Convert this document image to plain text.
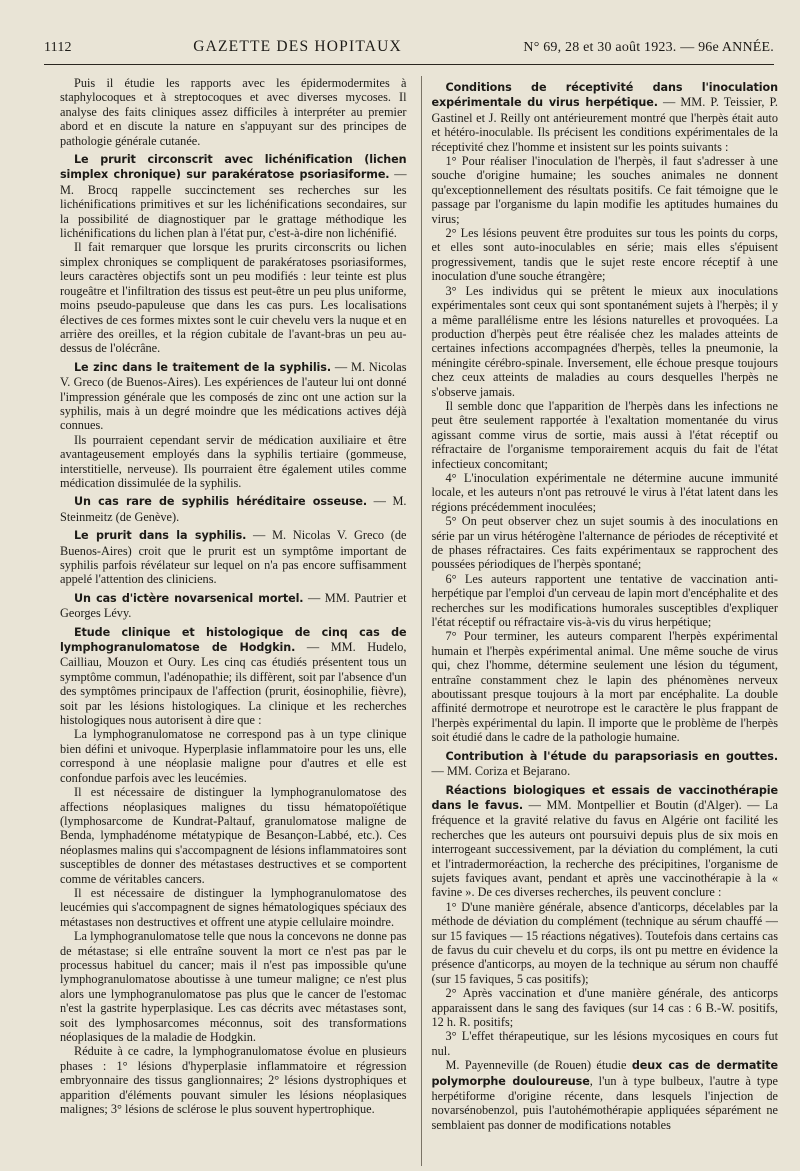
1112	GAZETTE DES HOPITAUX	N° 69, 28 et 30 août 1923. — 96e ANNÉE.

Puis il étudie les rapports avec les épidermodermites à staphylocoques et à streptocoques et avec diverses mycoses. Il analyse des faits cliniques assez difficiles à interpréter au premier abord et en discute la nature en s'appuyant sur des principes de pathologie générale cutanée.

Le prurit circonscrit avec lichénification (lichen simplex chronique) sur parakératose psoriasiforme. — M. Brocq rappelle succinctement ses recherches sur les lichénifications primitives et sur les lichénifications secondaires, sur la possibilité de diagnostiquer par le grattage méthodique les lichénifications du lichen plan à l'état pur, c'est-à-dire non lichénifié.

Il fait remarquer que lorsque les prurits circonscrits ou lichen simplex chroniques se compliquent de parakératoses psoriasiformes, leurs caractères objectifs sont un peu modifiés : leur teinte est plus rougeâtre et l'infiltration des tissus est peut-être un peu plus uniforme, moins pseudo-papuleuse que dans les cas purs. Les localisations électives de ces formes mixtes sont le cuir chevelu vers la nuque et en arrière des oreilles, et la région cubitale de l'avant-bras un peu au-dessus de l'olécrâne.

Le zinc dans le traitement de la syphilis. — M. Nicolas V. Greco (de Buenos-Aires). Les expériences de l'auteur lui ont donné l'impression générale que les composés de zinc ont une action sur la syphilis, mais à un degré moindre que les médications actives déjà connues.

Ils pourraient cependant servir de médication auxiliaire et être avantageusement employés dans la syphilis tertiaire (gommeuse, interstitielle, nerveuse). Ils pourraient être également utiles comme médication dissimulée de la syphilis.

Un cas rare de syphilis héréditaire osseuse. — M. Steinmeitz (de Genève).

Le prurit dans la syphilis. — M. Nicolas V. Greco (de Buenos-Aires) croit que le prurit est un symptôme important de syphilis parfois révélateur sur lequel on n'a pas encore suffisamment appelé l'attention des cliniciens.

Un cas d'ictère novarsenical mortel. — MM. Pautrier et Georges Lévy.

Etude clinique et histologique de cinq cas de lymphogranulomatose de Hodgkin. — MM. Hudelo, Cailliau, Mouzon et Oury. Les cinq cas étudiés présentent tous un symptôme commun, l'adénopathie; ils diffèrent, soit par l'absence d'un des symptômes principaux de l'affection (prurit, éosinophilie, fièvre), soit par les lésions histologiques. La clinique et les recherches histologiques nous autorisent à dire que :

La lymphogranulomatose ne correspond pas à un type clinique bien défini et univoque. Hyperplasie inflammatoire pour les uns, elle correspond à une néoplasie maligne pour d'autres et elle est confondue parfois avec les leucémies.

Il est nécessaire de distinguer la lymphogranulomatose des affections néoplasiques malignes du tissu hématopoïétique (lymphosarcome de Kundrat-Paltauf, granulomatose maligne de Benda, lymphadénome métatypique de Besançon-Labbé, etc.). Ces néoplasmes malins qui s'accompagnent de lésions inflammatoires sont susceptibles de donner des métastases destructives et se comportent comme de véritables cancers.

Il est nécessaire de distinguer la lymphogranulomatose des leucémies qui s'accompagnent de signes hématologiques spéciaux des métastases non destructives et offrent une atypie cellulaire moindre.

La lymphogranulomatose telle que nous la concevons ne donne pas de métastase; si elle entraîne souvent la mort ce n'est pas par le processus habituel du cancer; mais il n'est pas impossible qu'une lymphogranulomatose aboutisse à une tumeur maligne; ce n'est plus alors une lymphogranulomatose pas plus que le cancer de l'estomac n'est la gastrite hyperplasique. Les cas décrits avec métastases sont, soit des lymphosarcomes méconnus, soit des transformations néoplasiques de la maladie de Hodgkin.

Réduite à ce cadre, la lymphogranulomatose évolue en plusieurs phases : 1° lésions d'hyperplasie inflammatoire et régression embryonnaire des tissus ganglionnaires; 2° lésions dystrophiques et apparition d'éléments pouvant simuler les lésions néoplasiques malignes; 3° lésions de sclérose le plus souvent hypertrophique.

Conditions de réceptivité dans l'inoculation expérimentale du virus herpétique. — MM. P. Teissier, P. Gastinel et J. Reilly ont antérieurement montré que l'herpès était auto et hétéro-inoculable. Ils précisent les conditions expérimentales de la réceptivité chez l'homme et insistent sur les points suivants :

1° Pour réaliser l'inoculation de l'herpès, il faut s'adresser à une souche d'origine humaine; les souches animales ne donnent qu'exceptionnellement des résultats positifs. Ce fait témoigne que le passage par l'organisme du lapin modifie les aptitudes humaines du virus;

2° Les lésions peuvent être produites sur tous les points du corps, et elles sont auto-inoculables en série; mais elles s'épuisent progressivement, tandis que le sujet reste encore réceptif à une inoculation d'une souche étrangère;

3° Les individus qui se prêtent le mieux aux inoculations expérimentales sont ceux qui sont spontanément sujets à l'herpès; il y a même parallélisme entre les lésions naturelles et provoquées. La production d'herpès peut être réalisée chez les malades atteints de certaines infections accompagnées d'herpès, telles la pneumonie, la méningite cérébro-spinale. Inversement, elle échoue presque toujours chez ceux atteints de maladies au cours desquelles l'herpès ne s'observe jamais.

Il semble donc que l'apparition de l'herpès dans les infections ne peut être seulement rapportée à l'exaltation momentanée du virus agissant comme virus de sortie, mais aussi à l'état réceptif ou réfractaire de l'organisme temporairement acquis du fait de l'état infectieux concomitant;

4° L'inoculation expérimentale ne détermine aucune immunité locale, et les auteurs n'ont pas retrouvé le virus à l'état latent dans les régions précédemment inoculées;

5° On peut observer chez un sujet soumis à des inoculations en série par un virus hétérogène l'alternance de périodes de réceptivité et de phases réfractaires. Ces faits expérimentaux se rapprochent des poussées périodiques de l'herpès spontané;

6° Les auteurs rapportent une tentative de vaccination anti-herpétique par l'emploi d'un cerveau de lapin mort d'encéphalite et des recherches sur les modifications humorales susceptibles d'expliquer l'état réceptif ou réfractaire vis-à-vis du virus herpétique;

7° Pour terminer, les auteurs comparent l'herpès expérimental humain et l'herpès expérimental animal. Une même souche de virus qui, chez l'homme, détermine seulement une lésion du tégument, entraîne constamment chez le lapin des phénomènes nerveux aboutissant presque toujours à la mort par encéphalite. La double affinité dermotrope et neurotrope est le caractère le plus frappant de l'herpès expérimental du lapin. Il importe que le problème de l'herpès soit étudié dans le cadre de la pathologie humaine.

Contribution à l'étude du parapsoriasis en gouttes. — MM. Coriza et Bejarano.

Réactions biologiques et essais de vaccinothérapie dans le favus. — MM. Montpellier et Boutin (d'Alger). — La fréquence et la gravité relative du favus en Algérie ont facilité les recherches que les auteurs ont poursuivi depuis plus de six mois en interrogeant successivement, par la déviation du complément, la cuti et l'intradermoréaction, la recherche des précipitines, l'organisme de sujets faviques avant, pendant et après une vaccinothérapie à la « favine ». De ces diverses recherches, ils peuvent conclure :

1° D'une manière générale, absence d'anticorps, décelables par la méthode de déviation du complément (technique au sérum chauffé — sur 15 faviques — 15 réactions négatives). Toutefois dans certains cas de favus du cuir chevelu et du corps, ils ont pu mettre en évidence la présence d'anticorps, au moyen de la technique au sérum non chauffé (sur 15 faviques, 5 cas positifs);

2° Après vaccination et d'une manière générale, des anticorps apparaissent dans le sang des faviques (sur 14 cas : 6 B.-W. positifs, 12 h. R. positifs;

3° L'effet thérapeutique, sur les lésions mycosiques en cours fut nul.

M. Payenneville (de Rouen) étudie deux cas de dermatite polymorphe douloureuse, l'un à type bulbeux, l'autre à type herpétiforme d'origine récente, dans lesquels l'injection de novarsénobenzol, puis l'autohémothérapie appliquées séparément ne semblaient pas donner de modifications notables
